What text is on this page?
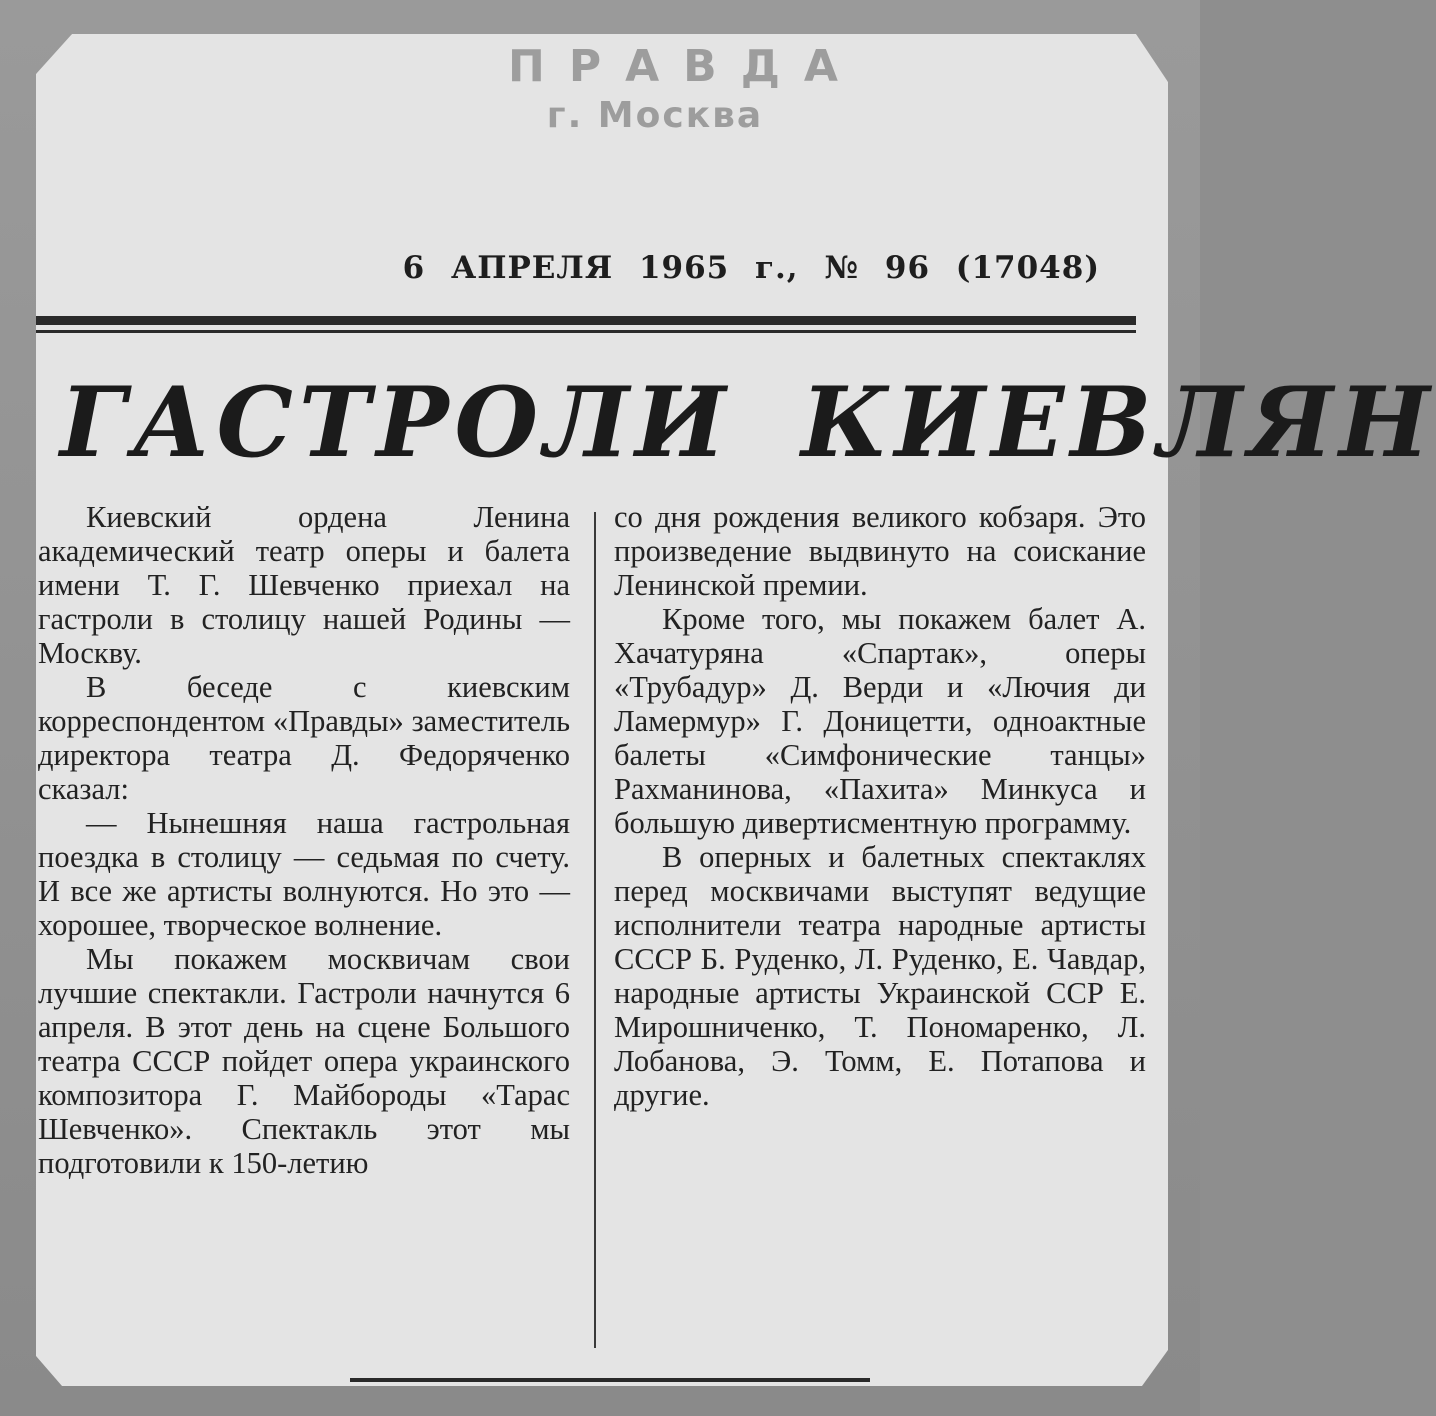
ПРАВДА
г. Москва
6 АПРЕЛЯ 1965 г., № 96 (17048)
ГАСТРОЛИ КИЕВЛЯН

Киевский ордена Ленина академический театр оперы и балета имени Т. Г. Шевченко приехал на гастроли в столицу нашей Родины — Москву.

В беседе с киевским корреспондентом «Правды» заместитель директора театра Д. Федоряченко сказал:

— Нынешняя наша гастрольная поездка в столицу — седьмая по счету. И все же артисты волнуются. Но это — хорошее, творческое волнение.

Мы покажем москвичам свои лучшие спектакли. Гастроли начнутся 6 апреля. В этот день на сцене Большого театра СССР пойдет опера украинского композитора Г. Майбороды «Тарас Шевченко». Спектакль этот мы подготовили к 150-летию

со дня рождения великого кобзаря. Это произведение выдвинуто на соискание Ленинской премии.

Кроме того, мы покажем балет А. Хачатуряна «Спартак», оперы «Трубадур» Д. Верди и «Лючия ди Ламермур» Г. Доницетти, одноактные балеты «Симфонические танцы» Рахманинова, «Пахита» Минкуса и большую дивертисментную программу.

В оперных и балетных спектаклях перед москвичами выступят ведущие исполнители театра народные артисты СССР Б. Руденко, Л. Руденко, Е. Чавдар, народные артисты Украинской ССР Е. Мирошниченко, Т. Пономаренко, Л. Лобанова, Э. Томм, Е. Потапова и другие.
